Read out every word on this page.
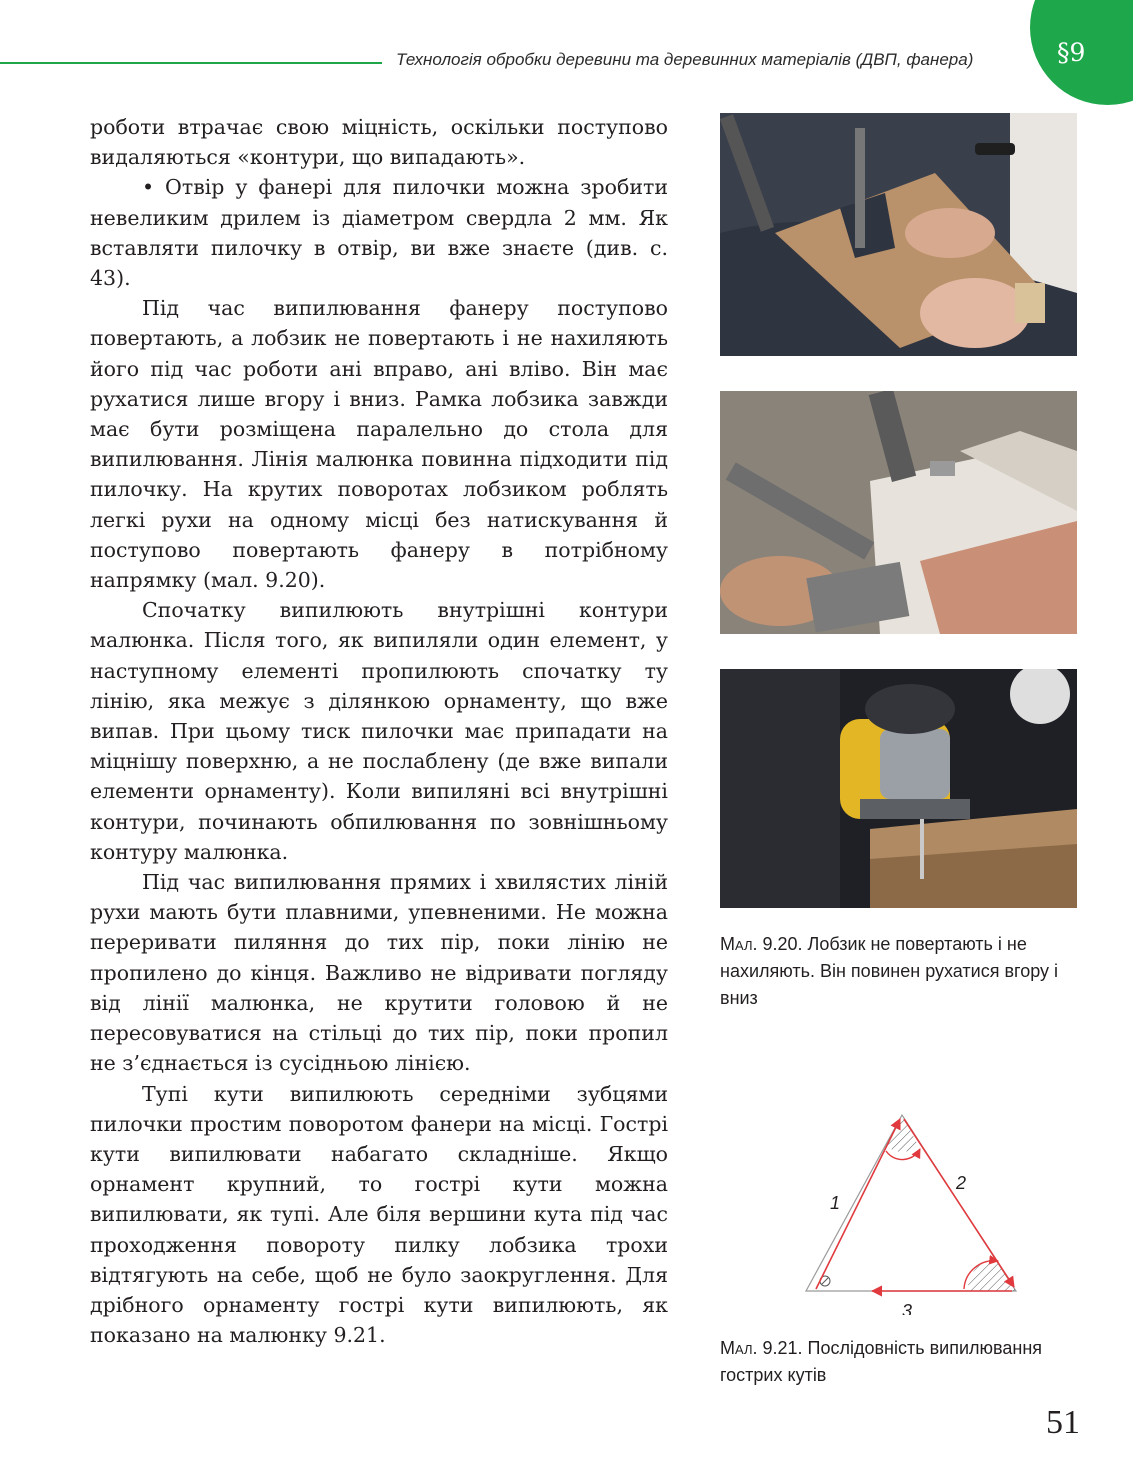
Технологія обробки деревини та деревинних матеріалів (ДВП, фанера)	§9

роботи втрачає свою міцність, оскільки поступово видаляються «контури, що випадають».

• Отвір у фанері для пилочки можна зробити невеликим дрилем із діаметром свердла 2 мм. Як вставляти пилочку в отвір, ви вже знаєте (див. с. 43).

Під час випилювання фанеру поступово повертають, а лобзик не повертають і не нахиляють його під час роботи ані вправо, ані вліво. Він має рухатися лише вгору і вниз. Рамка лобзика завжди має бути розміщена паралельно до стола для випилювання. Лінія малюнка повинна підходити під пилочку. На крутих поворотах лобзиком роблять легкі рухи на одному місці без натискування й поступово повертають фанеру в потрібному напрямку (мал. 9.20).

Спочатку випилюють внутрішні контури малюнка. Після того, як випиляли один елемент, у наступному елементі пропилюють спочатку ту лінію, яка межує з ділянкою орнаменту, що вже випав. При цьому тиск пилочки має припадати на міцнішу поверхню, а не послаблену (де вже випали елементи орнаменту). Коли випиляні всі внутрішні контури, починають обпилювання по зовнішньому контуру малюнка.

Під час випилювання прямих і хвилястих ліній рухи мають бути плавними, упевненими. Не можна переривати пиляння до тих пір, поки лінію не пропилено до кінця. Важливо не відривати погляду від лінії малюнка, не крутити головою й не пересовуватися на стільці до тих пір, поки пропил не з’єднається із сусідньою лінією.

Тупі кути випилюють середніми зубцями пилочки простим поворотом фанери на місці. Гострі кути випилювати набагато складніше. Якщо орнамент крупний, то гострі кути можна випилювати, як тупі. Але біля вершини кута під час проходження повороту пилку лобзика трохи відтягують на себе, щоб не було заокруглення. Для дрібного орнаменту гострі кути випилюють, як показано на малюнку 9.21.

Мал. 9.20. Лобзик не повертають і не нахиляють. Він повинен рухатися вгору і вниз
1
2
3
Мал. 9.21. Послідовність випилювання гострих кутів
51
